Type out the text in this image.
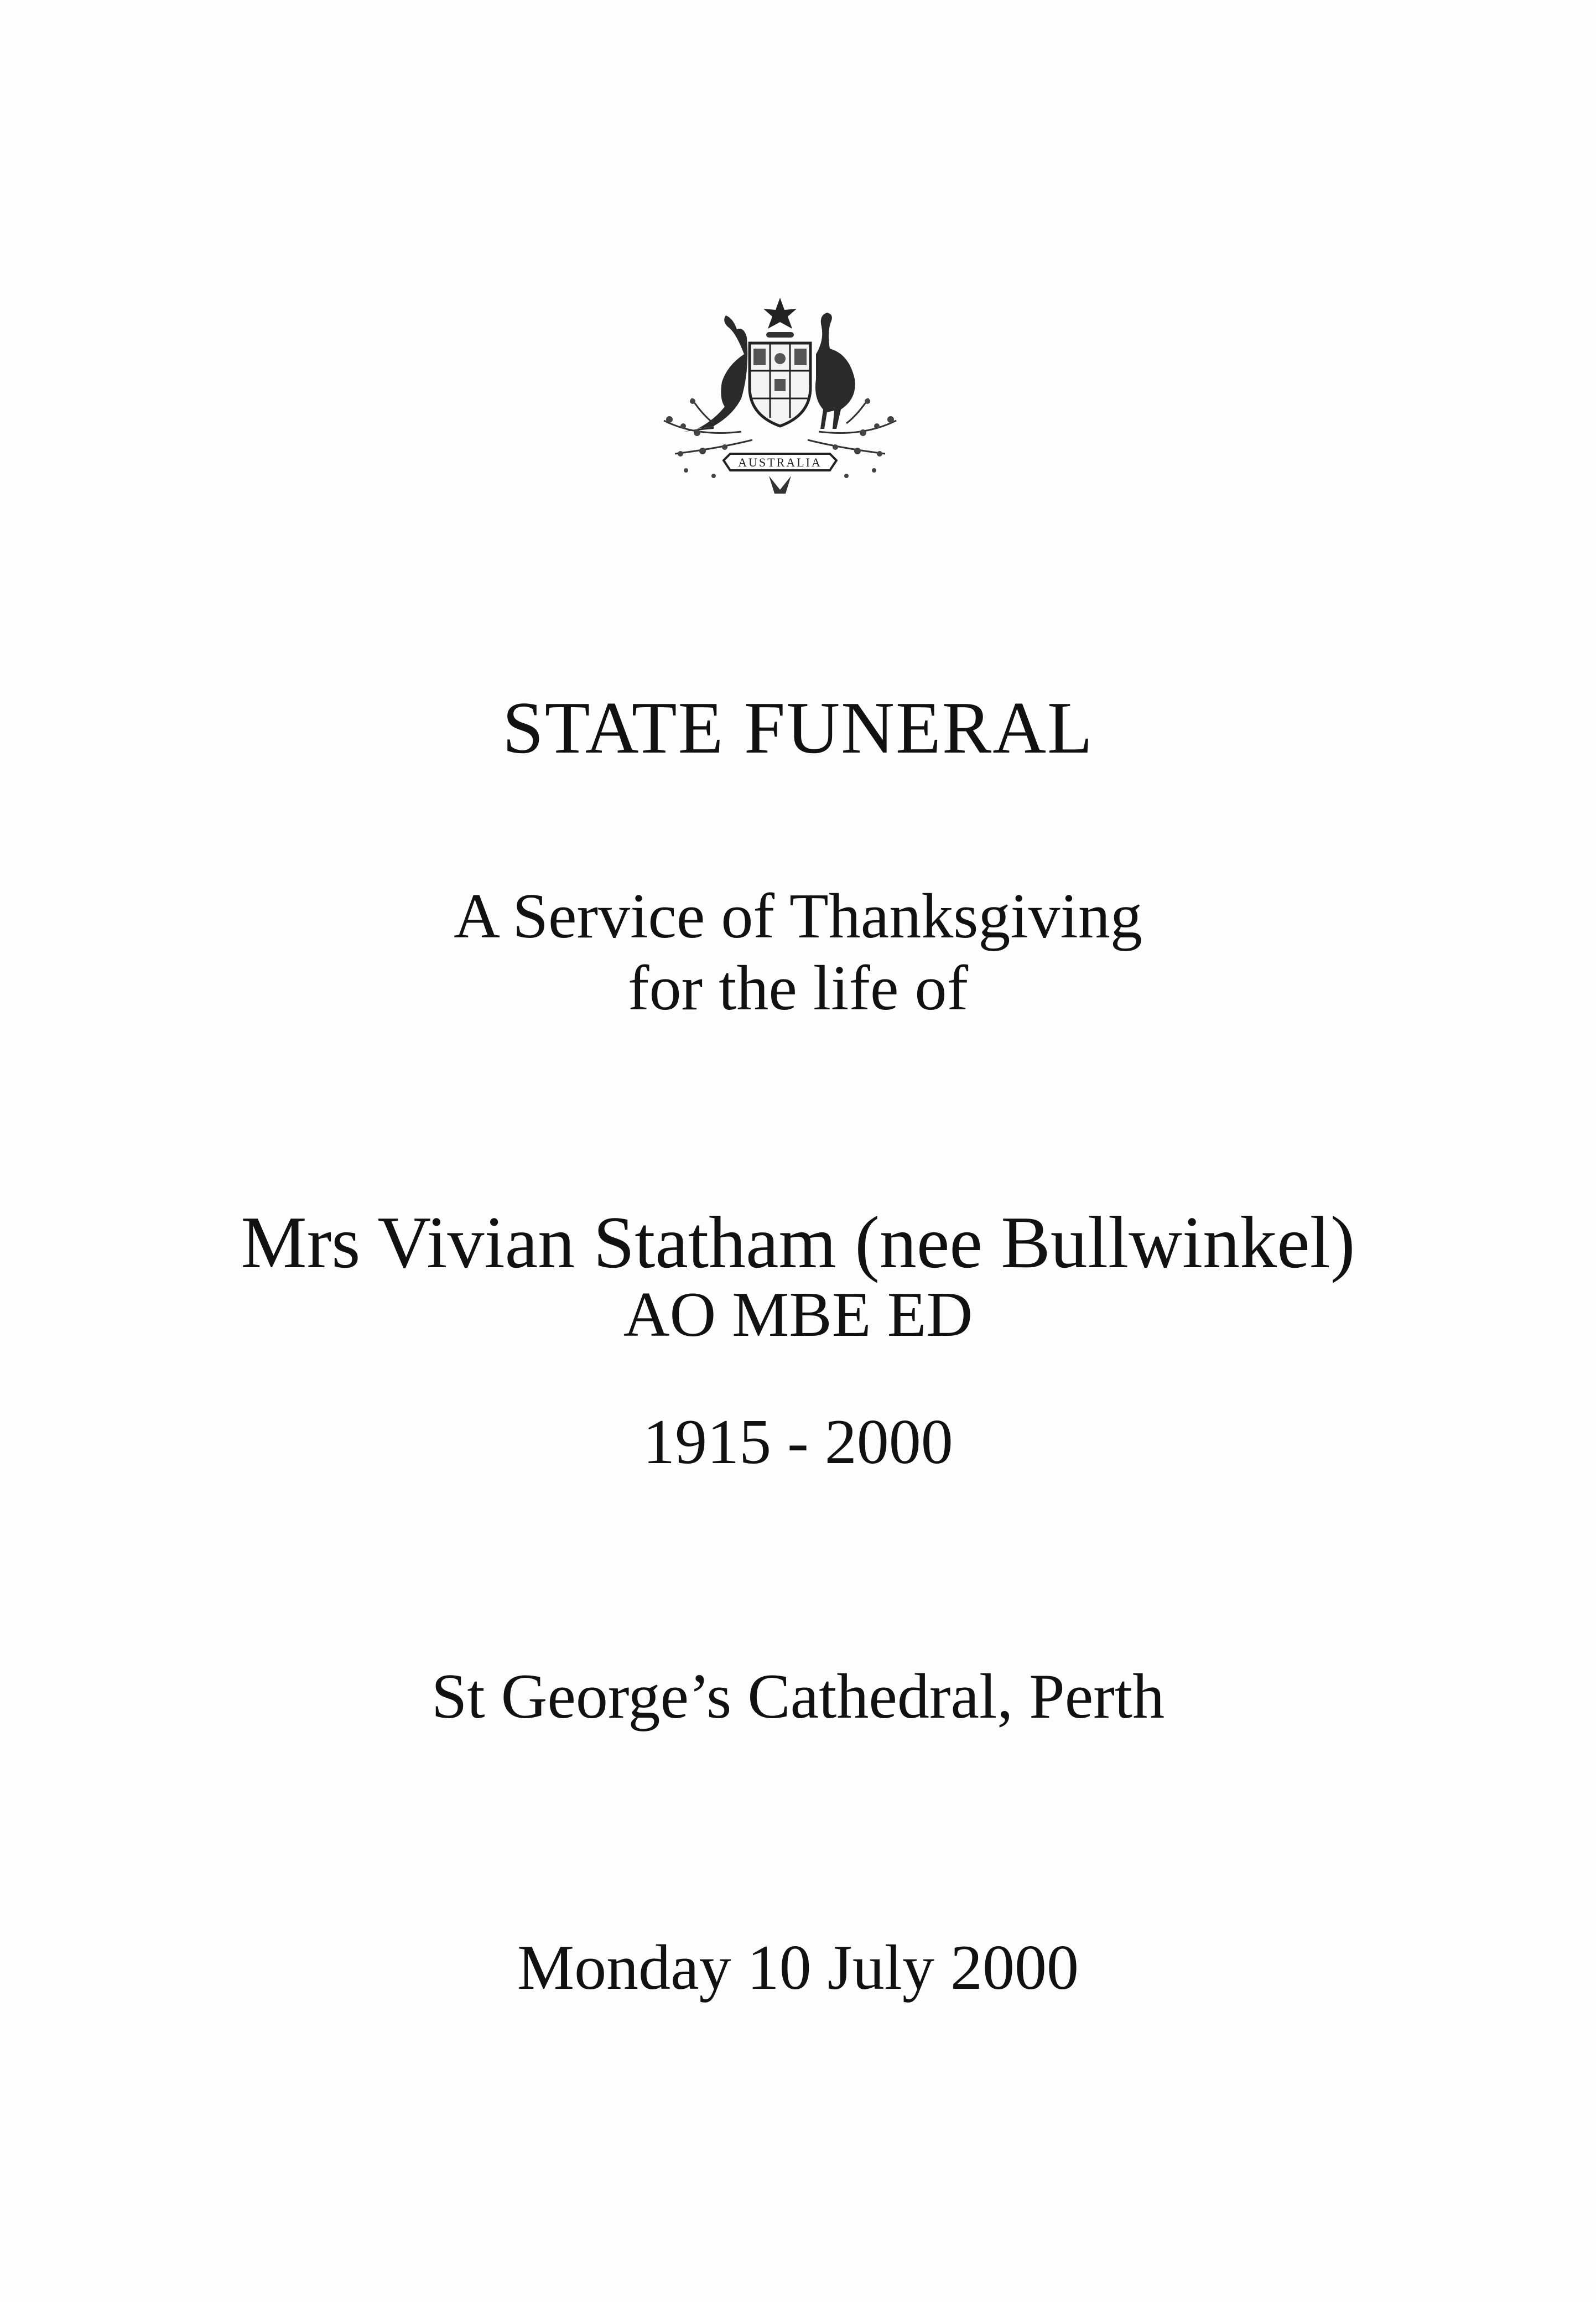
AUSTRALIA
STATE FUNERAL
A Service of Thanksgiving
for the life of
Mrs Vivian Statham (nee Bullwinkel)
AO MBE ED
1915 - 2000
St George’s Cathedral, Perth
Monday 10 July 2000
